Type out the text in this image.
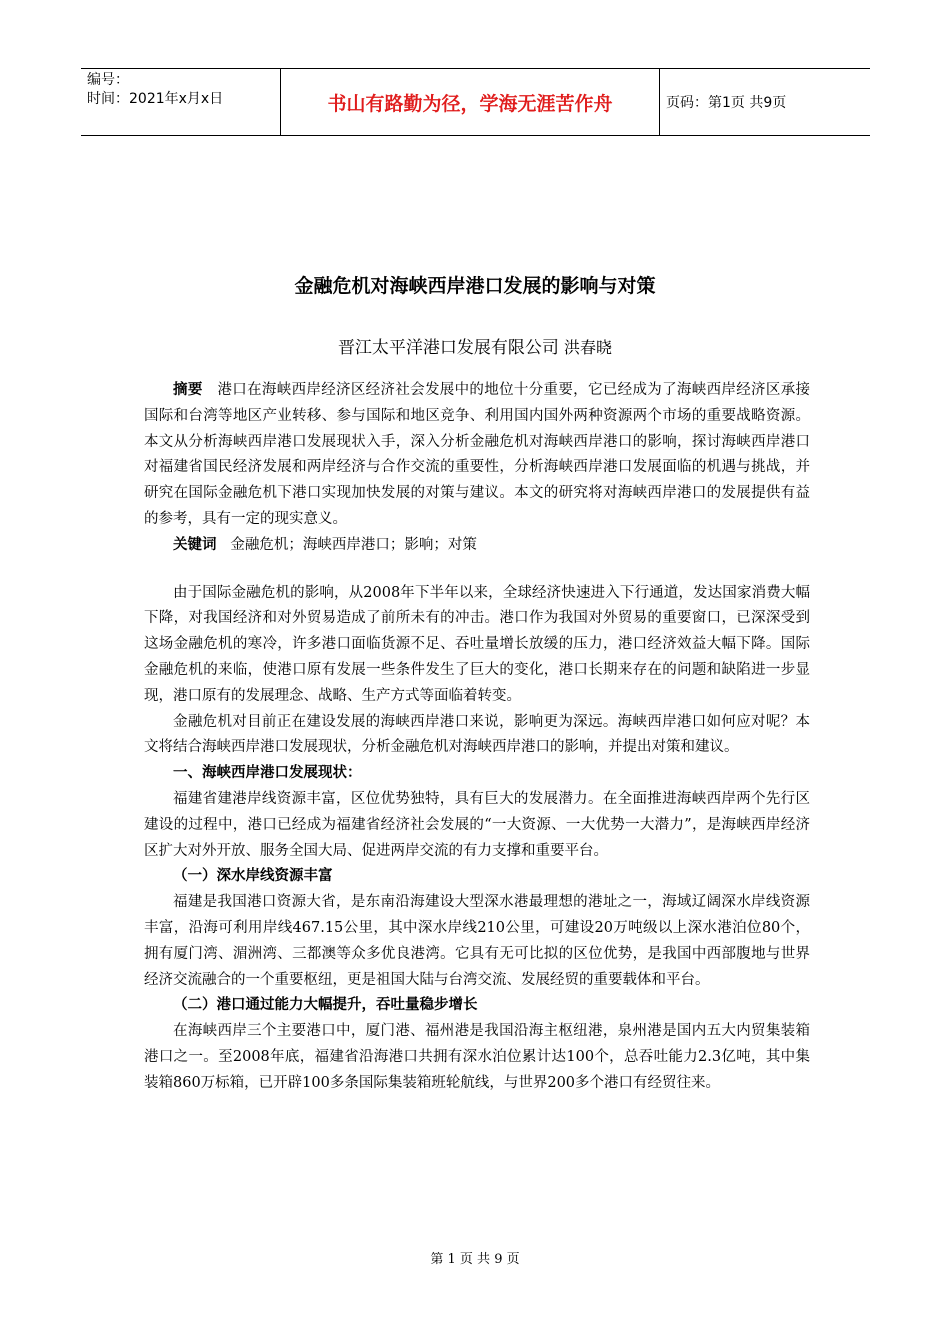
编号：
时间：2021年x月x日	书山有路勤为径，学海无涯苦作舟	页码：第1页 共9页
金融危机对海峡西岸港口发展的影响与对策
晋江太平洋港口发展有限公司 洪春晓

摘要 港口在海峡西岸经济区经济社会发展中的地位十分重要，它已经成为了海峡西岸经济区承接国际和台湾等地区产业转移、参与国际和地区竞争、利用国内国外两种资源两个市场的重要战略资源。本文从分析海峡西岸港口发展现状入手，深入分析金融危机对海峡西岸港口的影响，探讨海峡西岸港口对福建省国民经济发展和两岸经济与合作交流的重要性，分析海峡西岸港口发展面临的机遇与挑战，并研究在国际金融危机下港口实现加快发展的对策与建议。本文的研究将对海峡西岸港口的发展提供有益的参考，具有一定的现实意义。

关键词 金融危机；海峡西岸港口；影响；对策

由于国际金融危机的影响，从2008年下半年以来，全球经济快速进入下行通道，发达国家消费大幅下降，对我国经济和对外贸易造成了前所未有的冲击。港口作为我国对外贸易的重要窗口，已深深受到这场金融危机的寒冷，许多港口面临货源不足、吞吐量增长放缓的压力，港口经济效益大幅下降。国际金融危机的来临，使港口原有发展一些条件发生了巨大的变化，港口长期来存在的问题和缺陷进一步显现，港口原有的发展理念、战略、生产方式等面临着转变。

金融危机对目前正在建设发展的海峡西岸港口来说，影响更为深远。海峡西岸港口如何应对呢？本文将结合海峡西岸港口发展现状，分析金融危机对海峡西岸港口的影响，并提出对策和建议。

一、海峡西岸港口发展现状：

福建省建港岸线资源丰富，区位优势独特，具有巨大的发展潜力。在全面推进海峡西岸两个先行区建设的过程中，港口已经成为福建省经济社会发展的“一大资源、一大优势一大潜力”，是海峡西岸经济区扩大对外开放、服务全国大局、促进两岸交流的有力支撑和重要平台。

（一）深水岸线资源丰富

福建是我国港口资源大省，是东南沿海建设大型深水港最理想的港址之一，海域辽阔深水岸线资源丰富，沿海可利用岸线467.15公里，其中深水岸线210公里，可建设20万吨级以上深水港泊位80个，拥有厦门湾、湄洲湾、三都澳等众多优良港湾。它具有无可比拟的区位优势，是我国中西部腹地与世界经济交流融合的一个重要枢纽，更是祖国大陆与台湾交流、发展经贸的重要载体和平台。

（二）港口通过能力大幅提升，吞吐量稳步增长

在海峡西岸三个主要港口中，厦门港、福州港是我国沿海主枢纽港，泉州港是国内五大内贸集装箱港口之一。至2008年底，福建省沿海港口共拥有深水泊位累计达100个，总吞吐能力2.3亿吨，其中集装箱860万标箱，已开辟100多条国际集装箱班轮航线，与世界200多个港口有经贸往来。

第 1 页 共 9 页
